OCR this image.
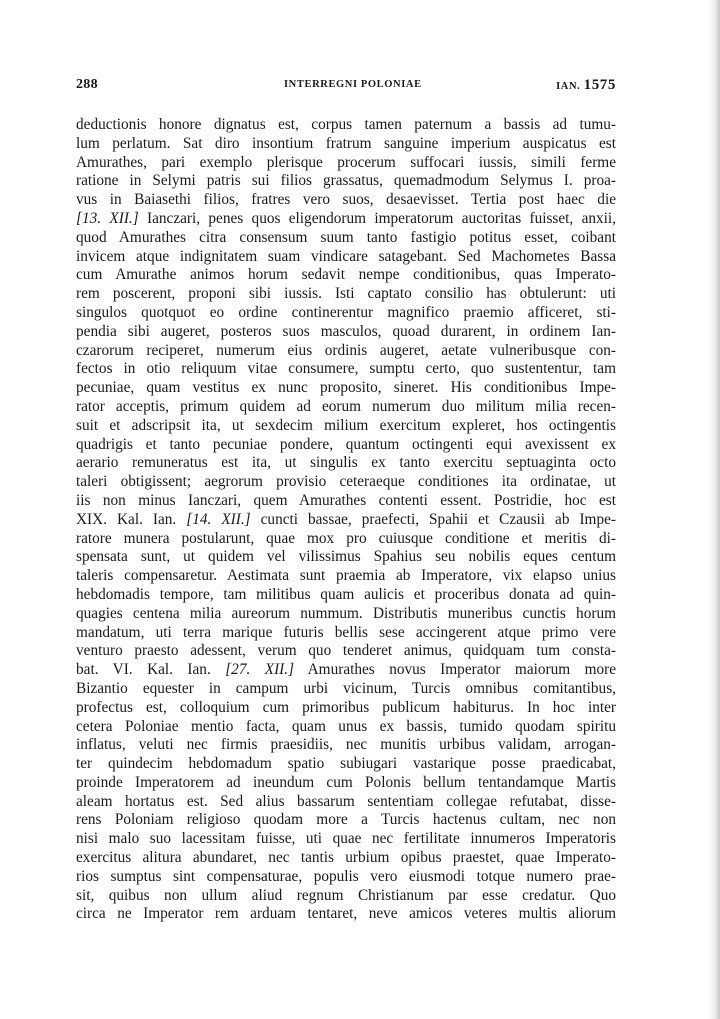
288	INTERREGNI POLONIAE	IAN. 1575
deductionis honore dignatus est, corpus tamen paternum a bassis ad tumu-
lum perlatum. Sat diro insontium fratrum sanguine imperium auspicatus est
Amurathes, pari exemplo plerisque procerum suffocari iussis, simili ferme
ratione in Selymi patris sui filios grassatus, quemadmodum Selymus I. proa-
vus in Baiasethi filios, fratres vero suos, desaevisset. Tertia post haec die
[13. XII.] Ianczari, penes quos eligendorum imperatorum auctoritas fuisset, anxii,
quod Amurathes citra consensum suum tanto fastigio potitus esset, coibant
invicem atque indignitatem suam vindicare satagebant. Sed Machometes Bassa
cum Amurathe animos horum sedavit nempe conditionibus, quas Imperato-
rem poscerent, proponi sibi iussis. Isti captato consilio has obtulerunt: uti
singulos quotquot eo ordine continerentur magnifico praemio afficeret, sti-
pendia sibi augeret, posteros suos masculos, quoad durarent, in ordinem Ian-
czarorum reciperet, numerum eius ordinis augeret, aetate vulneribusque con-
fectos in otio reliquum vitae consumere, sumptu certo, quo sustententur, tam
pecuniae, quam vestitus ex nunc proposito, sineret. His conditionibus Impe-
rator acceptis, primum quidem ad eorum numerum duo militum milia recen-
suit et adscripsit ita, ut sexdecim milium exercitum expleret, hos octingentis
quadrigis et tanto pecuniae pondere, quantum octingenti equi avexissent ex
aerario remuneratus est ita, ut singulis ex tanto exercitu septuaginta octo
taleri obtigissent; aegrorum provisio ceteraeque conditiones ita ordinatae, ut
iis non minus Ianczari, quem Amurathes contenti essent. Postridie, hoc est
XIX. Kal. Ian. [14. XII.] cuncti bassae, praefecti, Spahii et Czausii ab Impe-
ratore munera postularunt, quae mox pro cuiusque conditione et meritis di-
spensata sunt, ut quidem vel vilissimus Spahius seu nobilis eques centum
taleris compensaretur. Aestimata sunt praemia ab Imperatore, vix elapso unius
hebdomadis tempore, tam militibus quam aulicis et proceribus donata ad quin-
quagies centena milia aureorum nummum. Distributis muneribus cunctis horum
mandatum, uti terra marique futuris bellis sese accingerent atque primo vere
venturo praesto adessent, verum quo tenderet animus, quidquam tum consta-
bat. VI. Kal. Ian. [27. XII.] Amurathes novus Imperator maiorum more
Bizantio equester in campum urbi vicinum, Turcis omnibus comitantibus,
profectus est, colloquium cum primoribus publicum habiturus. In hoc inter
cetera Poloniae mentio facta, quam unus ex bassis, tumido quodam spiritu
inflatus, veluti nec firmis praesidiis, nec munitis urbibus validam, arrogan-
ter quindecim hebdomadum spatio subiugari vastarique posse praedicabat,
proinde Imperatorem ad ineundum cum Polonis bellum tentandamque Martis
aleam hortatus est. Sed alius bassarum sententiam collegae refutabat, disse-
rens Poloniam religioso quodam more a Turcis hactenus cultam, nec non
nisi malo suo lacessitam fuisse, uti quae nec fertilitate innumeros Imperatoris
exercitus alitura abundaret, nec tantis urbium opibus praestet, quae Imperato-
rios sumptus sint compensaturae, populis vero eiusmodi totque numero prae-
sit, quibus non ullum aliud regnum Christianum par esse credatur. Quo
circa ne Imperator rem arduam tentaret, neve amicos veteres multis aliorum
